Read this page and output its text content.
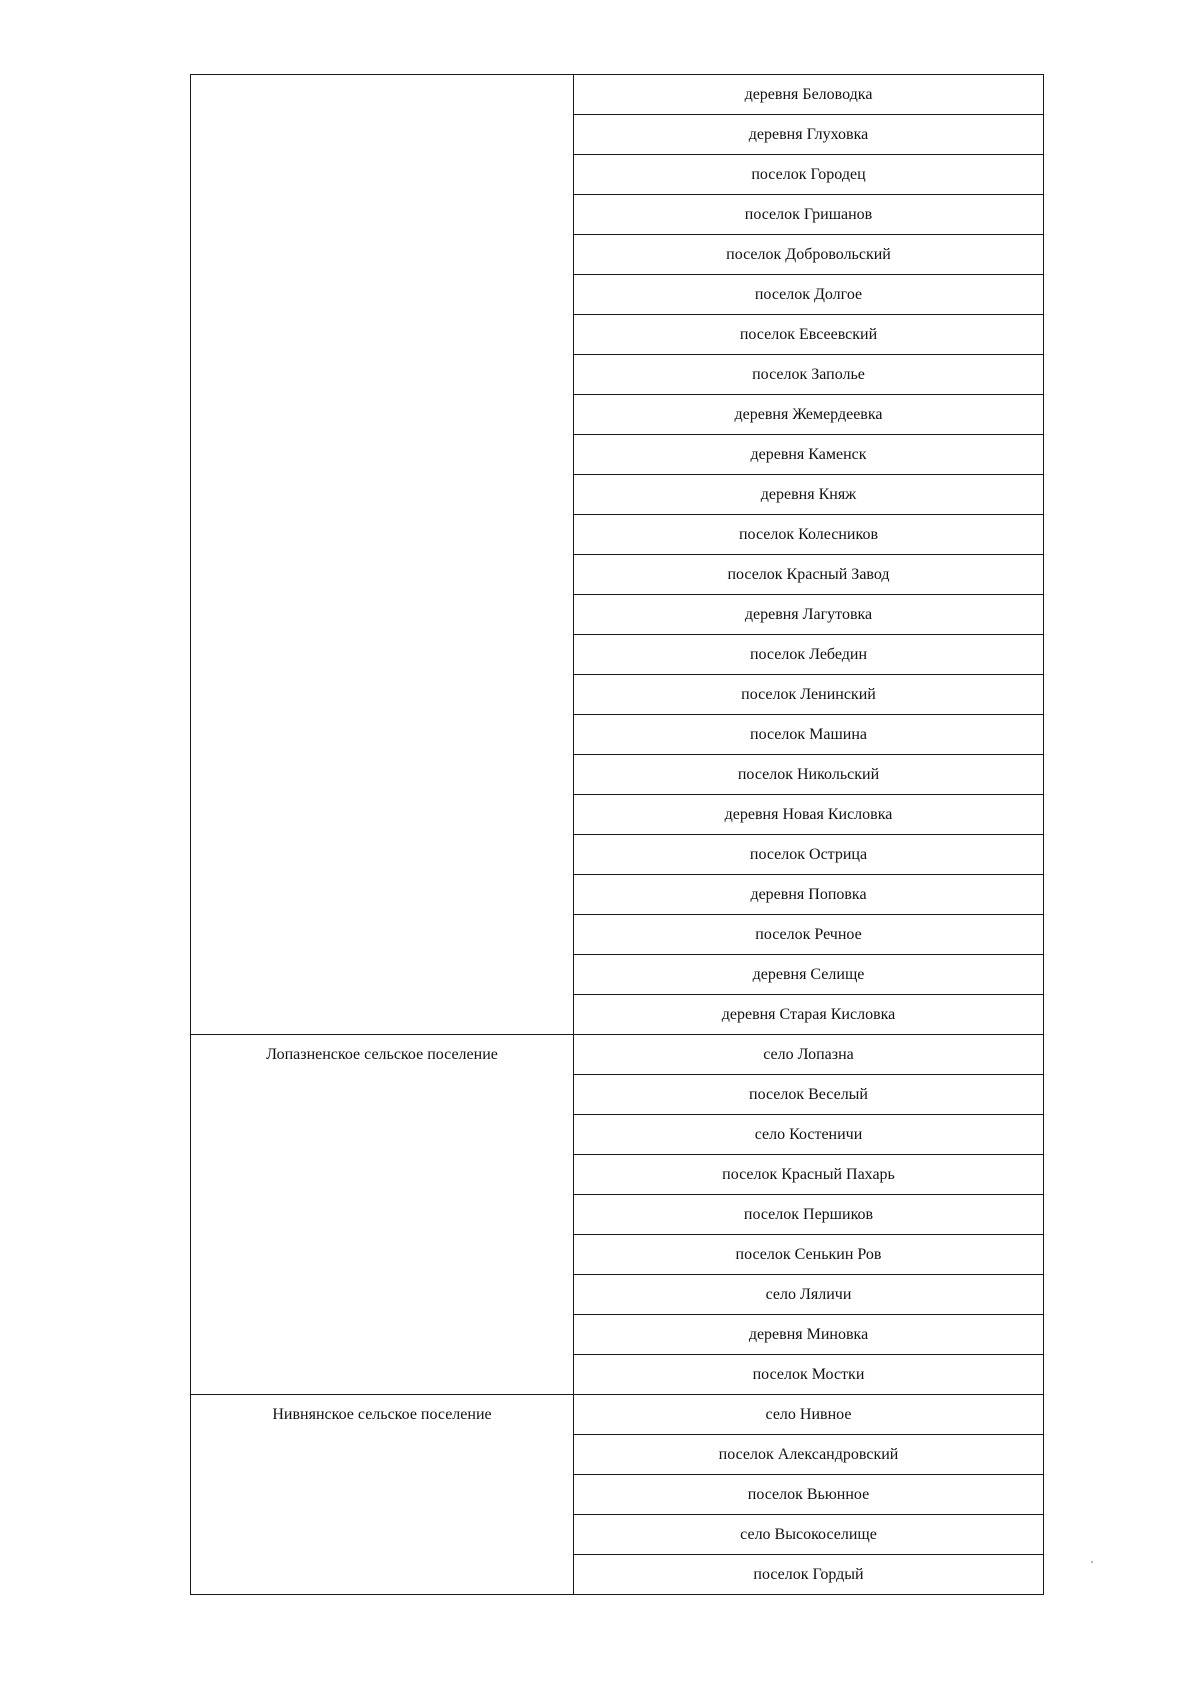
	деревня Беловодка
	деревня Глуховка
	поселок Городец
	поселок Гришанов
	поселок Добровольский
	поселок Долгое
	поселок Евсеевский
	поселок Заполье
	деревня Жемердеевка
	деревня Каменск
	деревня Княж
	поселок Колесников
	поселок Красный Завод
	деревня Лагутовка
	поселок Лебедин
	поселок Ленинский
	поселок Машина
	поселок Никольский
	деревня Новая Кисловка
	поселок Острица
	деревня Поповка
	поселок Речное
	деревня Селище
	деревня Старая Кисловка
Лопазненское сельское поселение	село Лопазна
	поселок Веселый
	село Костеничи
	поселок Красный Пахарь
	поселок Першиков
	поселок Сенькин Ров
	село Ляличи
	деревня Миновка
	поселок Мостки
Нивнянское сельское поселение	село Нивное
	поселок Александровский
	поселок Вьюнное
	село Высокоселище
	поселок Гордый
